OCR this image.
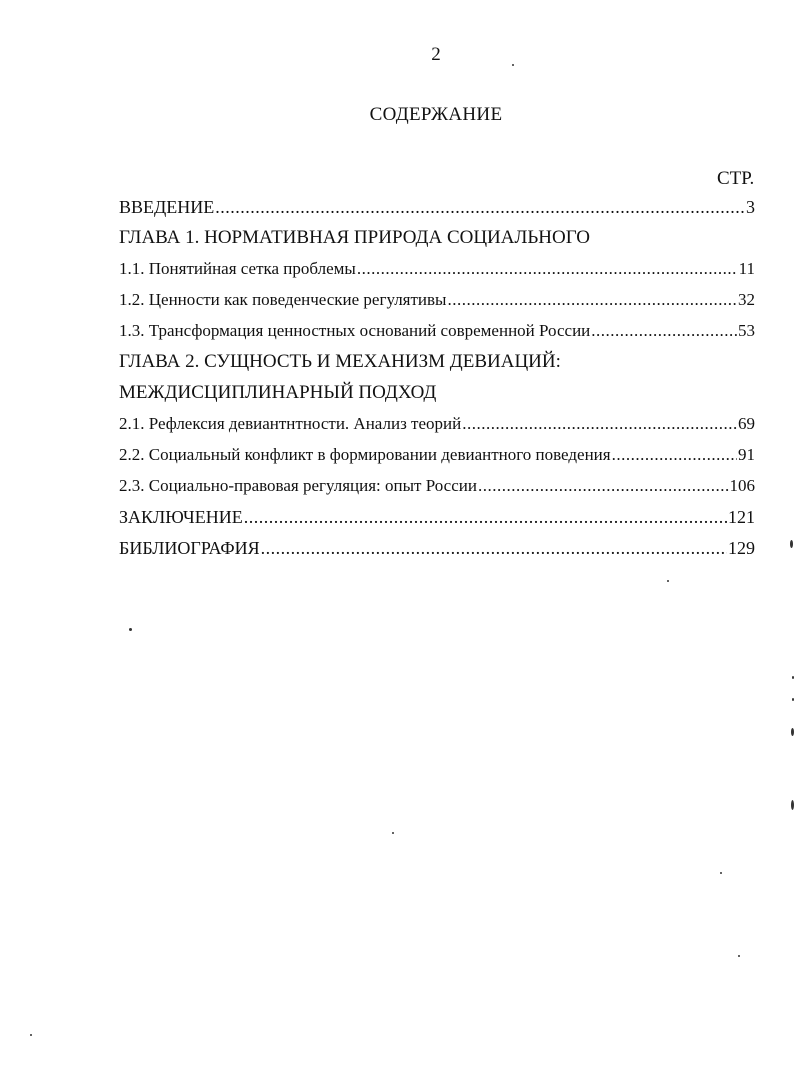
2
СОДЕРЖАНИЕ
СТР.
ВВЕДЕНИЕ .....	3
ГЛАВА 1. НОРМАТИВНАЯ ПРИРОДА СОЦИАЛЬНОГО
1.1. Понятийная сетка проблемы .....	11
1.2. Ценности как поведенческие регулятивы .....	32
1.3. Трансформация ценностных оснований современной России .....	53
ГЛАВА 2. СУЩНОСТЬ И МЕХАНИЗМ ДЕВИАЦИЙ:
МЕЖДИСЦИПЛИНАРНЫЙ ПОДХОД
2.1. Рефлексия девиантнтности. Анализ теорий .....	69
2.2. Социальный конфликт в формировании девиантного поведения .....	91
2.3. Социально-правовая регуляция: опыт России .....	106
ЗАКЛЮЧЕНИЕ .....	121
БИБЛИОГРАФИЯ .....	129
